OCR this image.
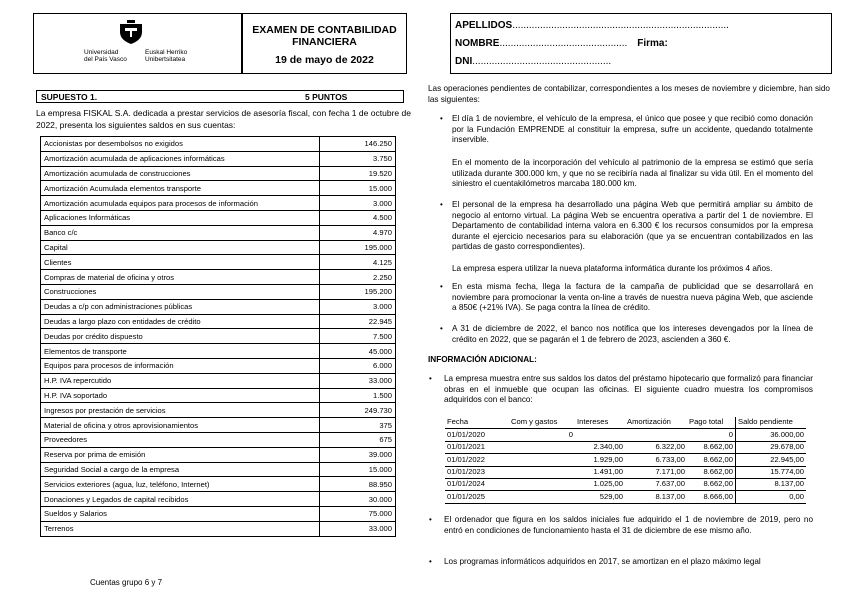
Universidad
del País Vasco
Euskal Herriko
Unibertsitatea
EXAMEN DE CONTABILIDAD
FINANCIERA
19 de mayo de 2022
APELLIDOS..............................................................................
NOMBRE.............................................. Firma:
DNI..................................................
SUPUESTO 1.	5 PUNTOS
La empresa FISKAL S.A. dedicada a prestar servicios de asesoría fiscal, con fecha 1 de octubre de 2022, presenta los siguientes saldos en sus cuentas:
Accionistas por desembolsos no exigidos	146.250
Amortización acumulada de aplicaciones informáticas	3.750
Amortización acumulada de construcciones	19.520
Amortización Acumulada elementos transporte	15.000
Amortización acumulada equipos para procesos de información	3.000
Aplicaciones Informáticas	4.500
Banco c/c	4.970
Capital	195.000
Clientes	4.125
Compras de material de oficina y otros	2.250
Construcciones	195.200
Deudas a c/p con administraciones públicas	3.000
Deudas a largo plazo con entidades de crédito	22.945
Deudas por crédito dispuesto	7.500
Elementos de transporte	45.000
Equipos para procesos de información	6.000
H.P. IVA repercutido	33.000
H.P. IVA soportado	1.500
Ingresos por prestación de servicios	249.730
Material de oficina y otros aprovisionamientos	375
Proveedores	675
Reserva por prima de emisión	39.000
Seguridad Social a cargo de la empresa	15.000
Servicios exteriores (agua, luz, teléfono, Internet)	88.950
Donaciones y Legados de capital recibidos	30.000
Sueldos y Salarios	75.000
Terrenos	33.000
Cuentas grupo 6 y 7
Las operaciones pendientes de contabilizar, correspondientes a los meses de noviembre y diciembre, han sido las siguientes:
• El día 1 de noviembre, el vehículo de la empresa, el único que posee y que recibió como donación por la Fundación EMPRENDE al constituir la empresa, sufre un accidente, quedando totalmente inservible.
En el momento de la incorporación del vehículo al patrimonio de la empresa se estimó que sería utilizada durante 300.000 km, y que no se recibiría nada al finalizar su vida útil. En el momento del siniestro el cuentakilómetros marcaba 180.000 km.
• El personal de la empresa ha desarrollado una página Web que permitirá ampliar su ámbito de negocio al entorno virtual. La página Web se encuentra operativa a partir del 1 de noviembre. El Departamento de contabilidad interna valora en 6.300 € los recursos consumidos por la empresa durante el ejercicio necesarios para su elaboración (que ya se encuentran contabilizados en las partidas de gasto correspondientes).
La empresa espera utilizar la nueva plataforma informática durante los próximos 4 años.
• En esta misma fecha, llega la factura de la campaña de publicidad que se desarrollará en noviembre para promocionar la venta on-line a través de nuestra nueva página Web, que asciende a 850€ (+21% IVA). Se paga contra la línea de crédito.
• A 31 de diciembre de 2022, el banco nos notifica que los intereses devengados por la línea de crédito en 2022, que se pagarán el 1 de febrero de 2023, ascienden a 360 €.
INFORMACIÓN ADICIONAL:
• La empresa muestra entre sus saldos los datos del préstamo hipotecario que formalizó para financiar obras en el inmueble que ocupan las oficinas. El siguiente cuadro muestra los compromisos adquiridos con el banco:
Fecha	Com y gastos	Intereses	Amortización	Pago total	Saldo pendiente
01/01/2020	0			0	36.000,00
01/01/2021		2.340,00	6.322,00	8.662,00	29.678,00
01/01/2022		1.929,00	6.733,00	8.662,00	22.945,00
01/01/2023		1.491,00	7.171,00	8.662,00	15.774,00
01/01/2024		1.025,00	7.637,00	8.662,00	8.137,00
01/01/2025		529,00	8.137,00	8.666,00	0,00
• El ordenador que figura en los saldos iniciales fue adquirido el 1 de noviembre de 2019, pero no entró en condiciones de funcionamiento hasta el 31 de diciembre de ese mismo año.
• Los programas informáticos adquiridos en 2017, se amortizan en el plazo máximo legal
